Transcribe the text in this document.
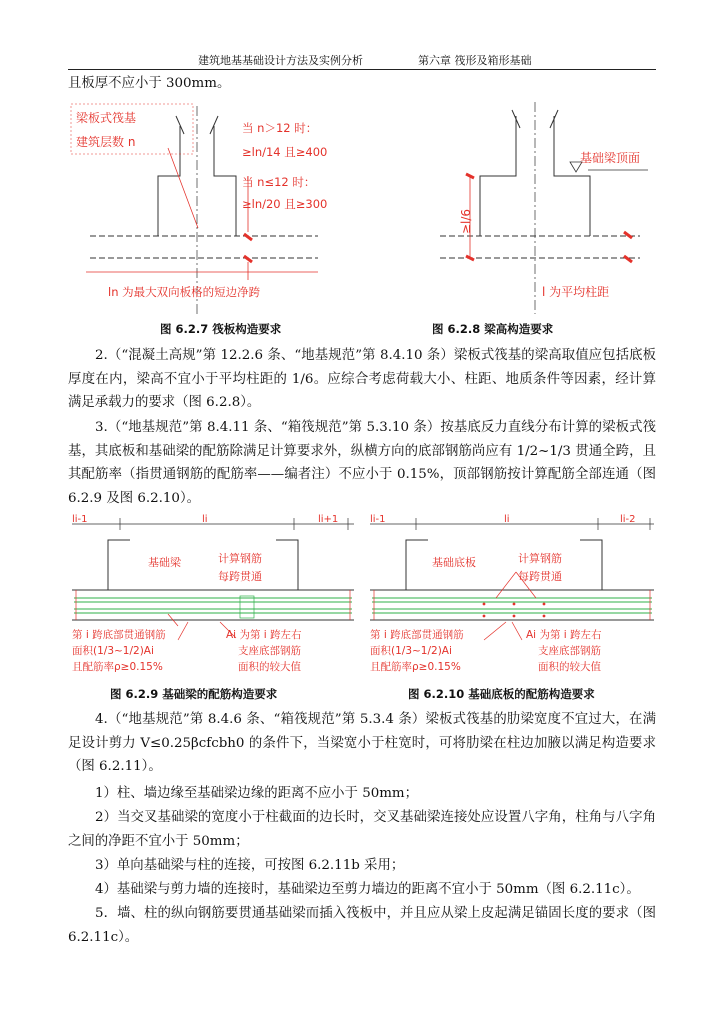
建筑地基基础设计方法及实例分析	第六章 筏形及箱形基础
且板厚不应小于 300mm。
梁板式筏基
建筑层数 n
当 n＞12 时：
≥ln/14 且≥400
当 n≤12 时：
≥ln/20 且≥300
ln 为最大双向板格的短边净跨
基础梁顶面
≥l/6
l 为平均柱距
图 6.2.7 筏板构造要求	图 6.2.8 梁高构造要求
2.（“混凝土高规”第 12.2.6 条、“地基规范”第 8.4.10 条）梁板式筏基的梁高取值应包括底板厚度在内，梁高不宜小于平均柱距的 1/6。应综合考虑荷载大小、柱距、地质条件等因素，经计算满足承载力的要求（图 6.2.8）。
3.（“地基规范”第 8.4.11 条、“箱筏规范”第 5.3.10 条）按基底反力直线分布计算的梁板式筏基，其底板和基础梁的配筋除满足计算要求外，纵横方向的底部钢筋尚应有 1/2~1/3 贯通全跨，且其配筋率（指贯通钢筋的配筋率——编者注）不应小于 0.15%，顶部钢筋按计算配筋全部连通（图 6.2.9 及图 6.2.10）。
li-1	li	li+1
基础梁	计算钢筋
每跨贯通
第 i 跨底部贯通钢筋
面积(1/3~1/2)Ai
且配筋率ρ≥0.15%
Ai 为第 i 跨左右
支座底部钢筋
面积的较大值
li-1	li	li-2
基础底板	计算钢筋
每跨贯通
第 i 跨底部贯通钢筋
面积(1/3~1/2)Ai
且配筋率ρ≥0.15%
Ai 为第 i 跨左右
支座底部钢筋
面积的较大值
图 6.2.9 基础梁的配筋构造要求	图 6.2.10 基础底板的配筋构造要求
4.（“地基规范”第 8.4.6 条、“箱筏规范”第 5.3.4 条）梁板式筏基的肋梁宽度不宜过大，在满足设计剪力 V≤0.25βcfcbh0 的条件下，当梁宽小于柱宽时，可将肋梁在柱边加腋以满足构造要求（图 6.2.11）。
1）柱、墙边缘至基础梁边缘的距离不应小于 50mm；
2）当交叉基础梁的宽度小于柱截面的边长时，交叉基础梁连接处应设置八字角，柱角与八字角之间的净距不宜小于 50mm；
3）单向基础梁与柱的连接，可按图 6.2.11b 采用；
4）基础梁与剪力墙的连接时，基础梁边至剪力墙边的距离不宜小于 50mm（图 6.2.11c）。
5．墙、柱的纵向钢筋要贯通基础梁而插入筏板中，并且应从梁上皮起满足锚固长度的要求（图 6.2.11c）。
